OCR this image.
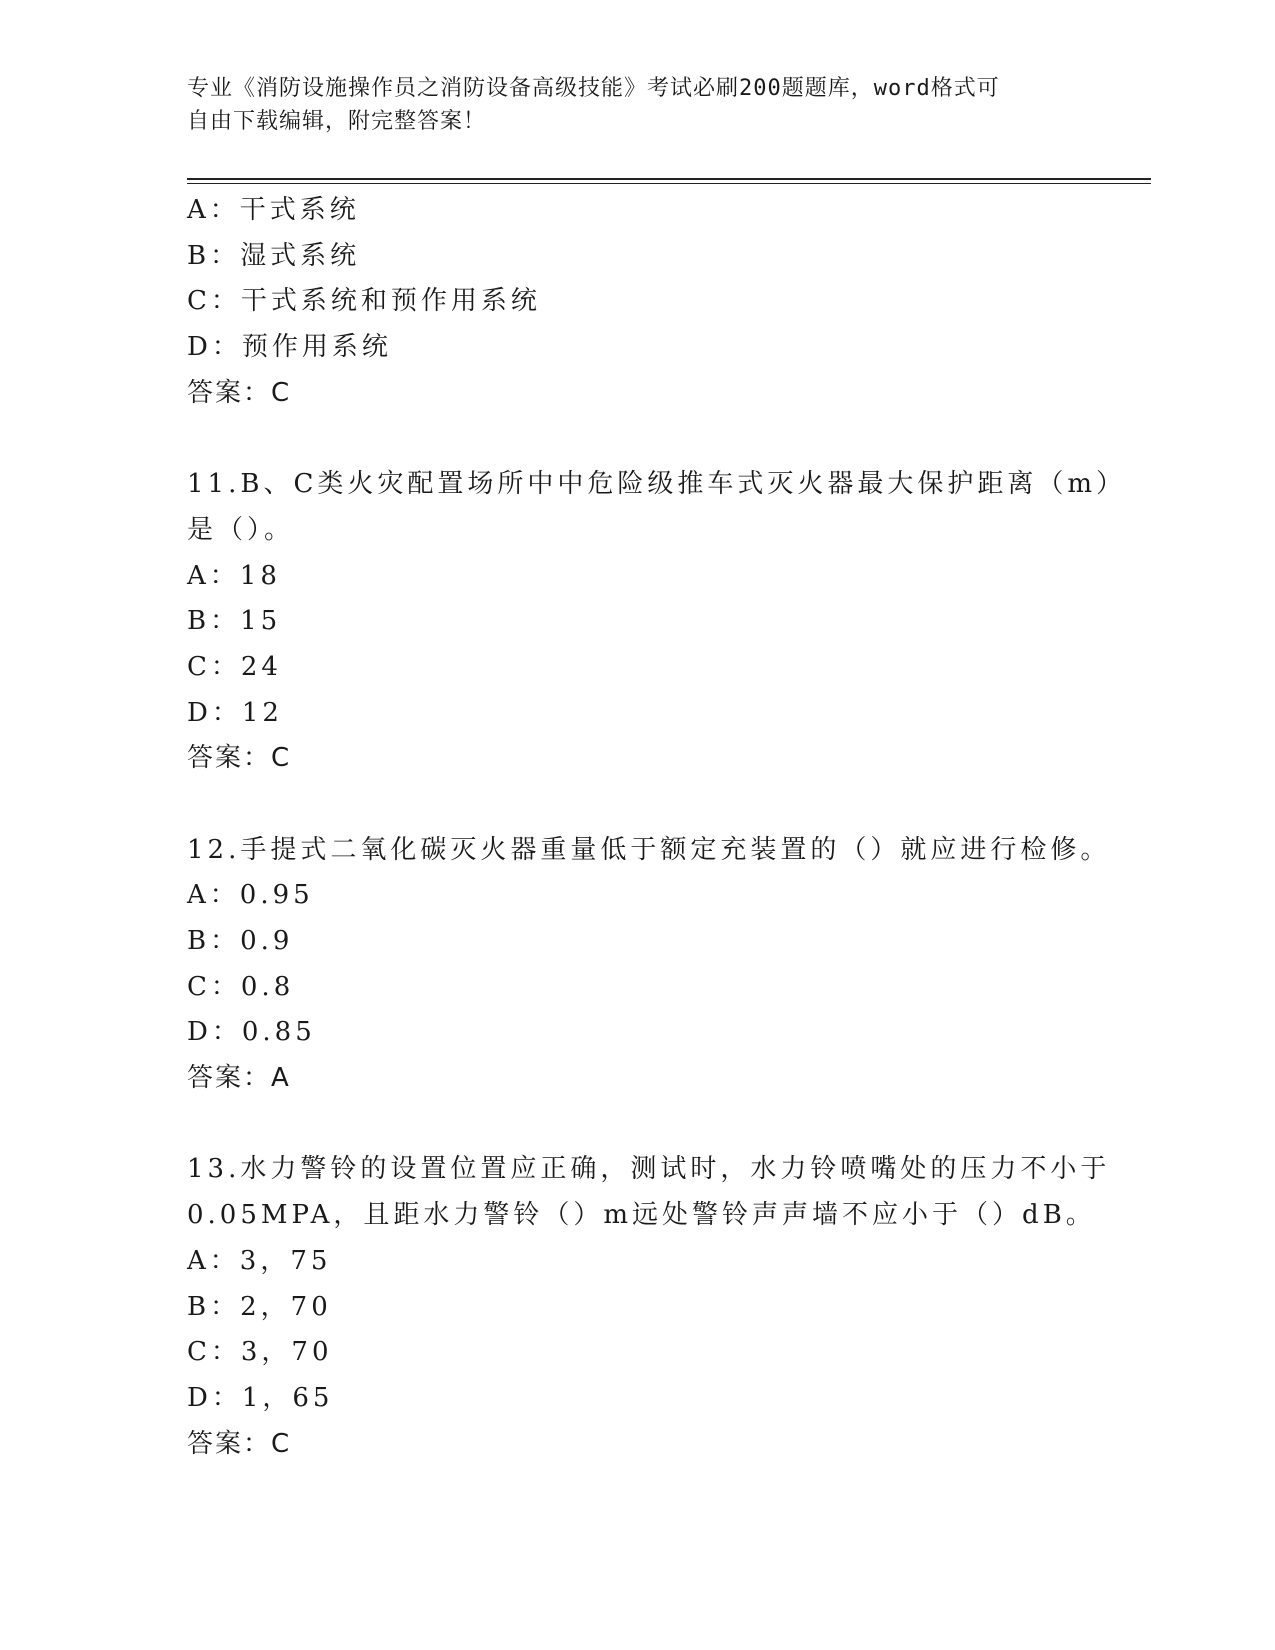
专业《消防设施操作员之消防设备高级技能》考试必刷200题题库，word格式可
自由下载编辑，附完整答案！
A：干式系统
B：湿式系统
C：干式系统和预作用系统
D：预作用系统
答案：C
11.B、C类火灾配置场所中中危险级推车式灭火器最大保护距离（m）
是（）。
A：18
B：15
C：24
D：12
答案：C
12.手提式二氧化碳灭火器重量低于额定充装置的（）就应进行检修。
A：0.95
B：0.9
C：0.8
D：0.85
答案：A
13.水力警铃的设置位置应正确，测试时，水力铃喷嘴处的压力不小于
0.05MPA，且距水力警铃（）m远处警铃声声墙不应小于（）dB。
A：3，75
B：2，70
C：3，70
D：1，65
答案：C
